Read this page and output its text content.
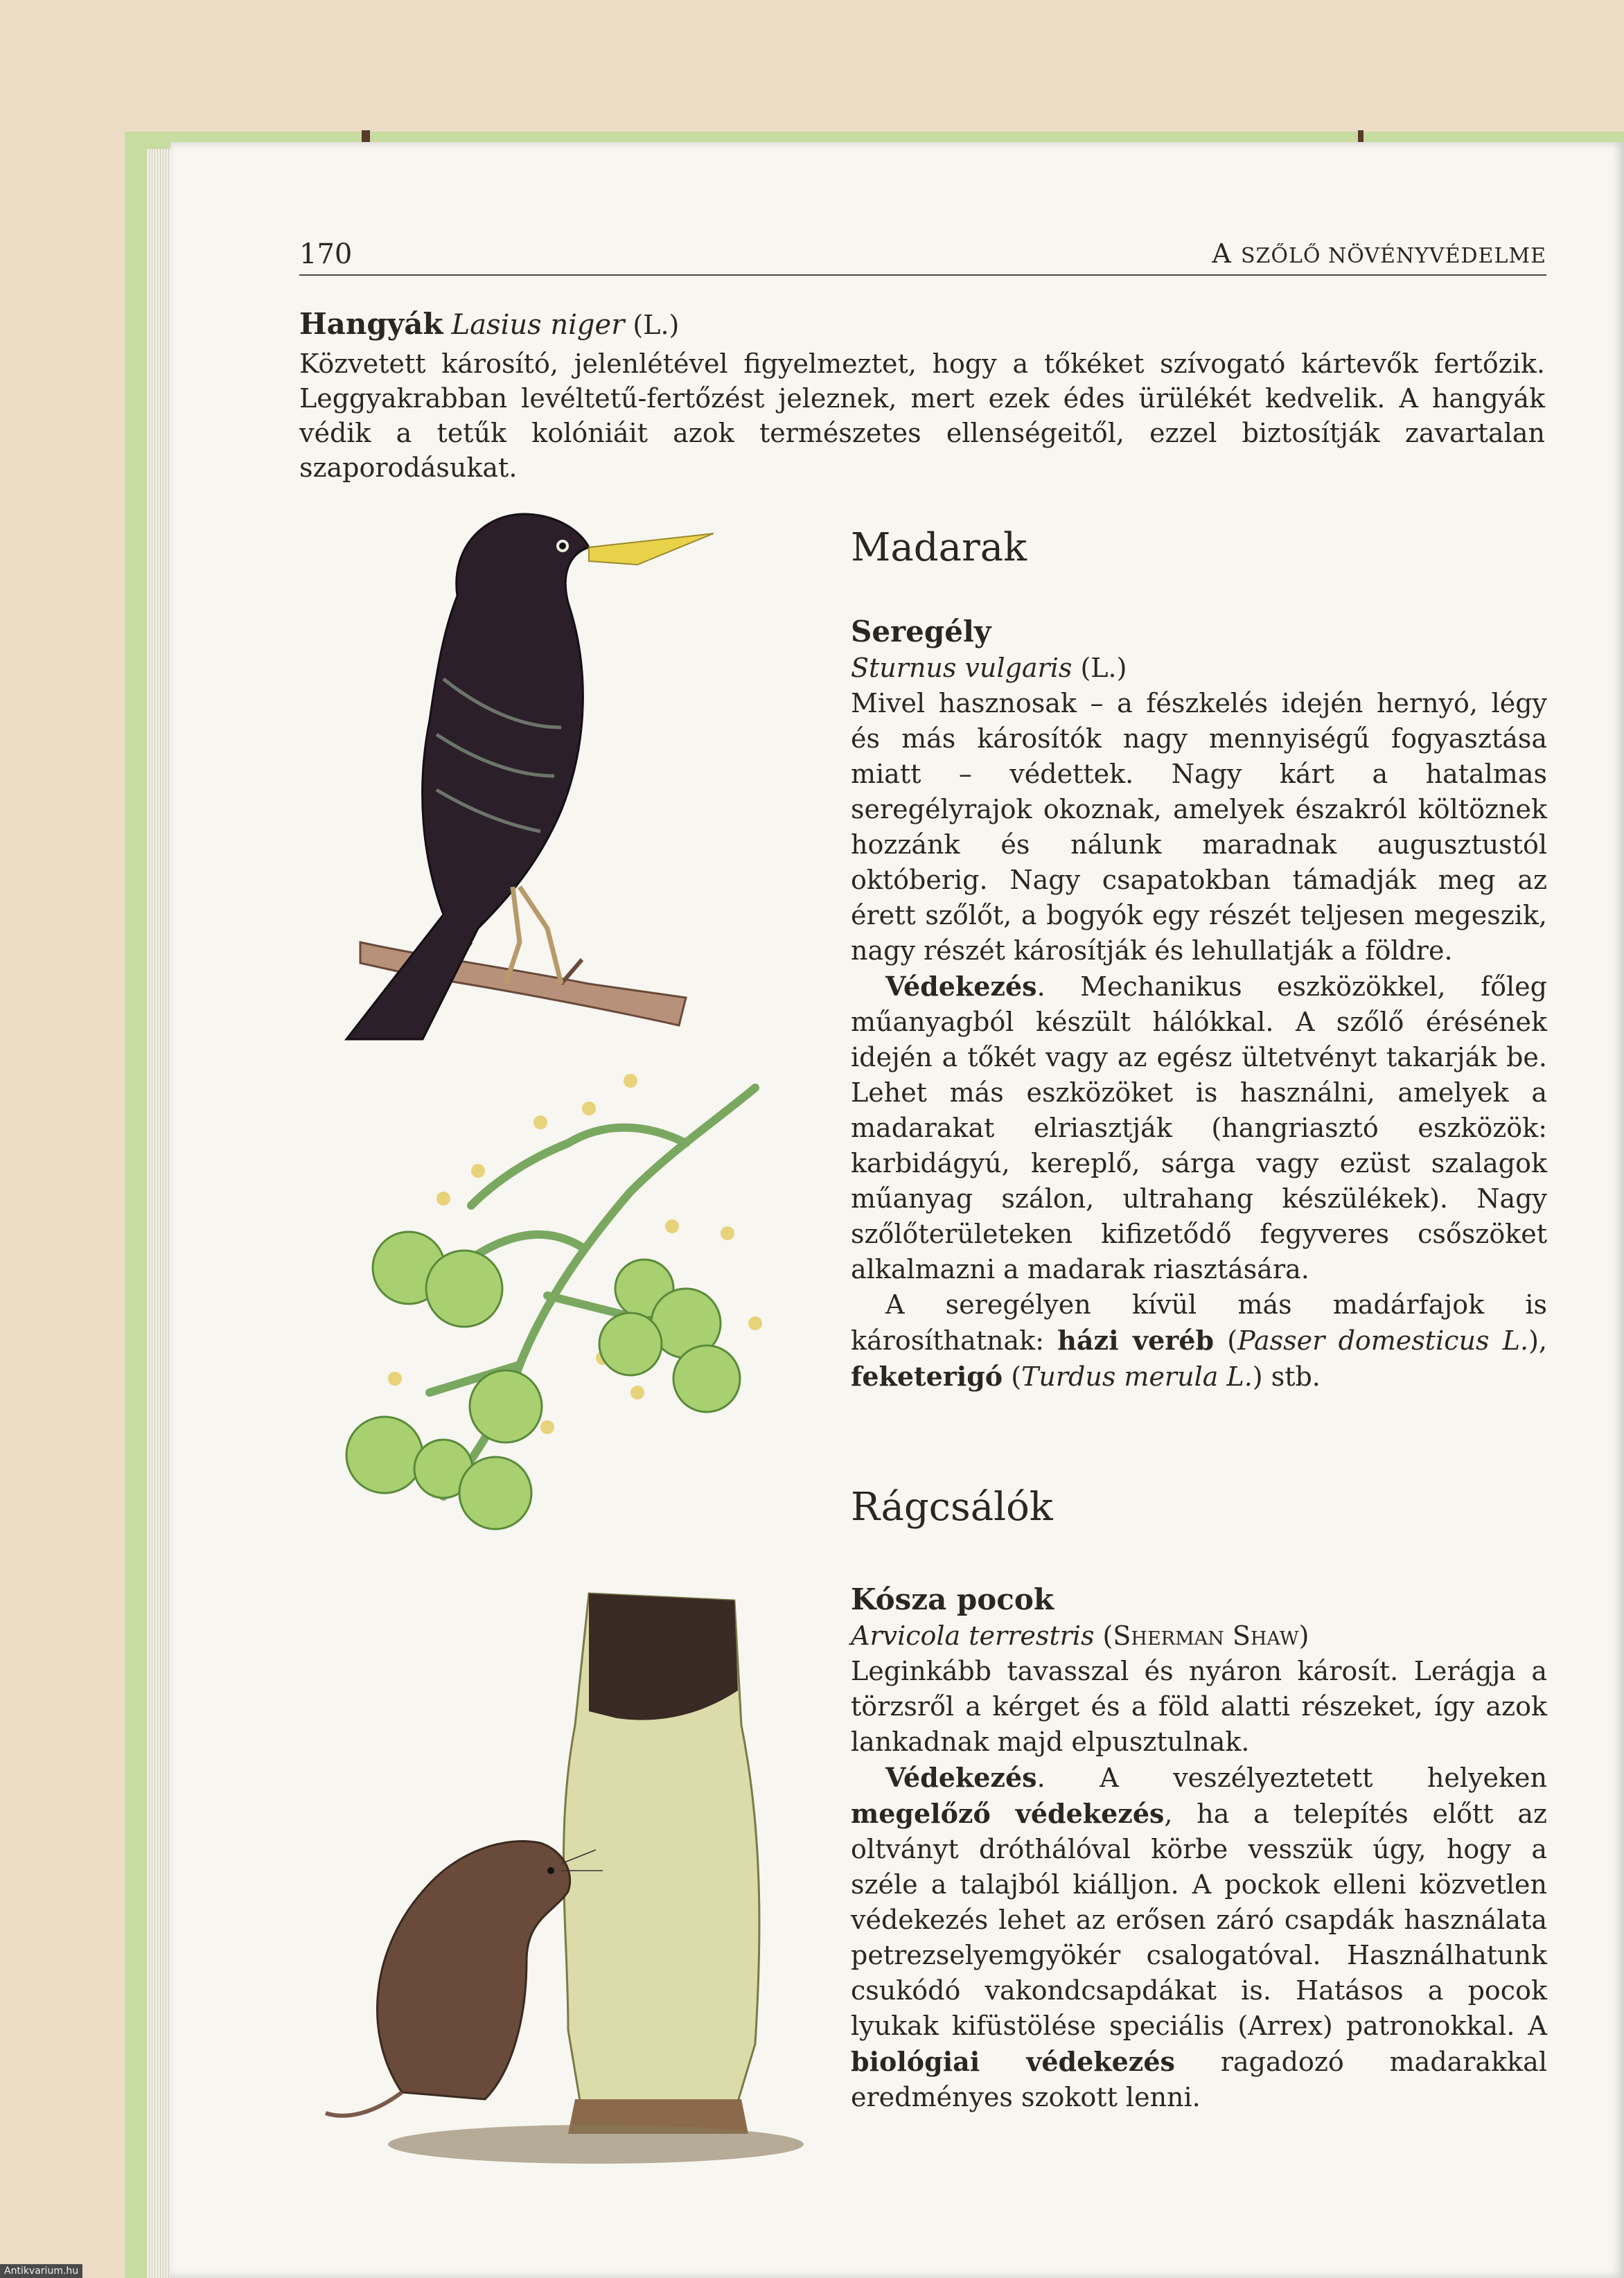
170	A SZŐLŐ NÖVÉNYVÉDELME
Hangyák Lasius niger (L.)

Közvetett károsító, jelenlétével figyelmeztet, hogy a tőkéket szívogató kártevők fertőzik. Leggyakrabban levéltetű-fertőzést jeleznek, mert ezek édes ürülékét kedvelik. A hangyák védik a tetűk kolóniáit azok természetes ellenségeitől, ezzel biztosítják zavartalan szaporodásukat.

Madarak
Seregély
Sturnus vulgaris (L.)

Mivel hasznosak – a fészkelés idején hernyó, légy és más károsítók nagy mennyiségű fogyasztása miatt – védettek. Nagy kárt a hatalmas seregélyrajok okoznak, amelyek északról költöznek hozzánk és nálunk maradnak augusztustól októberig. Nagy csapatokban támadják meg az érett szőlőt, a bogyók egy részét teljesen megeszik, nagy részét károsítják és lehullatják a földre.

Védekezés. Mechanikus eszközökkel, főleg műanyagból készült hálókkal. A szőlő érésének idején a tőkét vagy az egész ültetvényt takarják be. Lehet más eszközöket is használni, amelyek a madarakat elriasztják (hangriasztó eszközök: karbidágyú, kereplő, sárga vagy ezüst szalagok műanyag szálon, ultrahang készülékek). Nagy szőlőterületeken kifizetődő fegyveres csőszöket alkalmazni a madarak riasztására.

A seregélyen kívül más madárfajok is károsíthatnak: házi veréb (Passer domesticus L.), feketerigó (Turdus merula L.) stb.

Rágcsálók
Kósza pocok
Arvicola terrestris (Sherman Shaw)

Leginkább tavasszal és nyáron károsít. Lerágja a törzsről a kérget és a föld alatti részeket, így azok lankadnak majd elpusztulnak.

Védekezés. A veszélyeztetett helyeken megelőző védekezés, ha a telepítés előtt az oltványt dróthálóval körbe vesszük úgy, hogy a széle a talajból kiálljon. A pockok elleni közvetlen védekezés lehet az erősen záró csapdák használata petrezselyemgyökér csalogatóval. Használhatunk csukódó vakondcsapdákat is. Hatásos a pocok lyukak kifüstölése speciális (Arrex) patronokkal. A biológiai védekezés ragadozó madarakkal eredményes szokott lenni.

Antikvarium.hu
